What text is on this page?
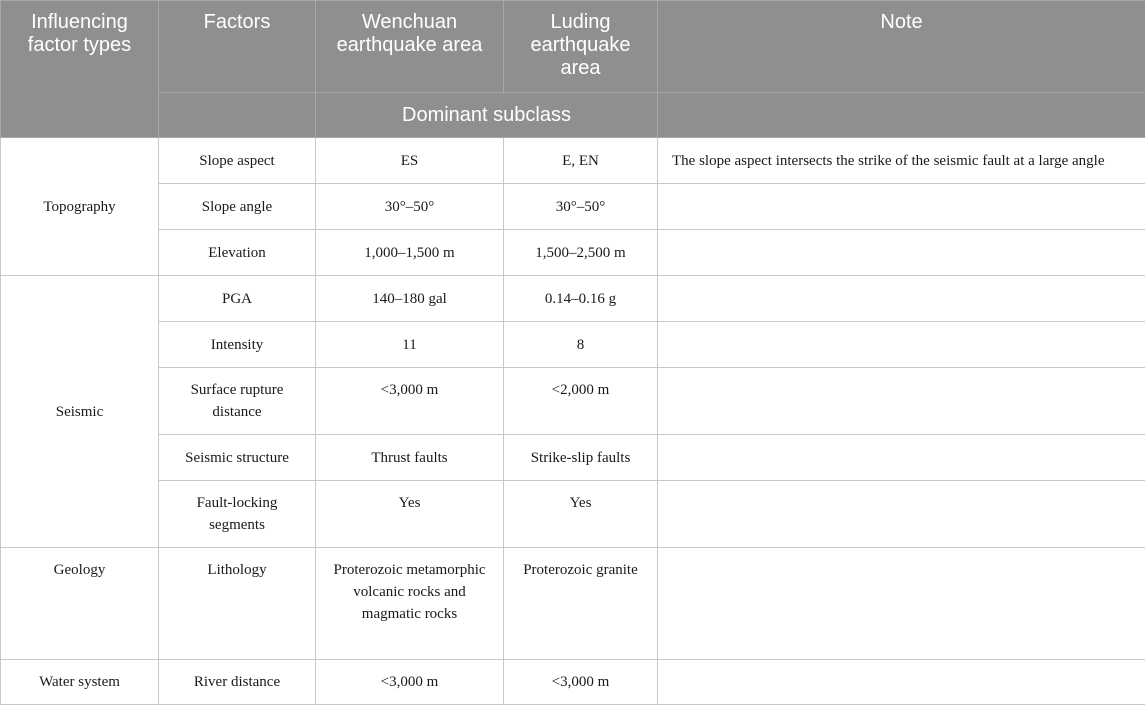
Influencing factor types	Factors	Wenchuan earthquake area	Luding earthquake area	Note
		Dominant subclass		
Topography	Slope aspect	ES	E, EN	The slope aspect intersects the strike of the seismic fault at a large angle
	Slope angle	30°–50°	30°–50°	
	Elevation	1,000–1,500 m	1,500–2,500 m	
Seismic	PGA	140–180 gal	0.14–0.16 g	
	Intensity	11	8	
	Surface rupture distance	<3,000 m	<2,000 m	
	Seismic structure	Thrust faults	Strike-slip faults	
	Fault-locking segments	Yes	Yes	
Geology	Lithology	Proterozoic metamorphic volcanic rocks and magmatic rocks	Proterozoic granite	
Water system	River distance	<3,000 m	<3,000 m	
